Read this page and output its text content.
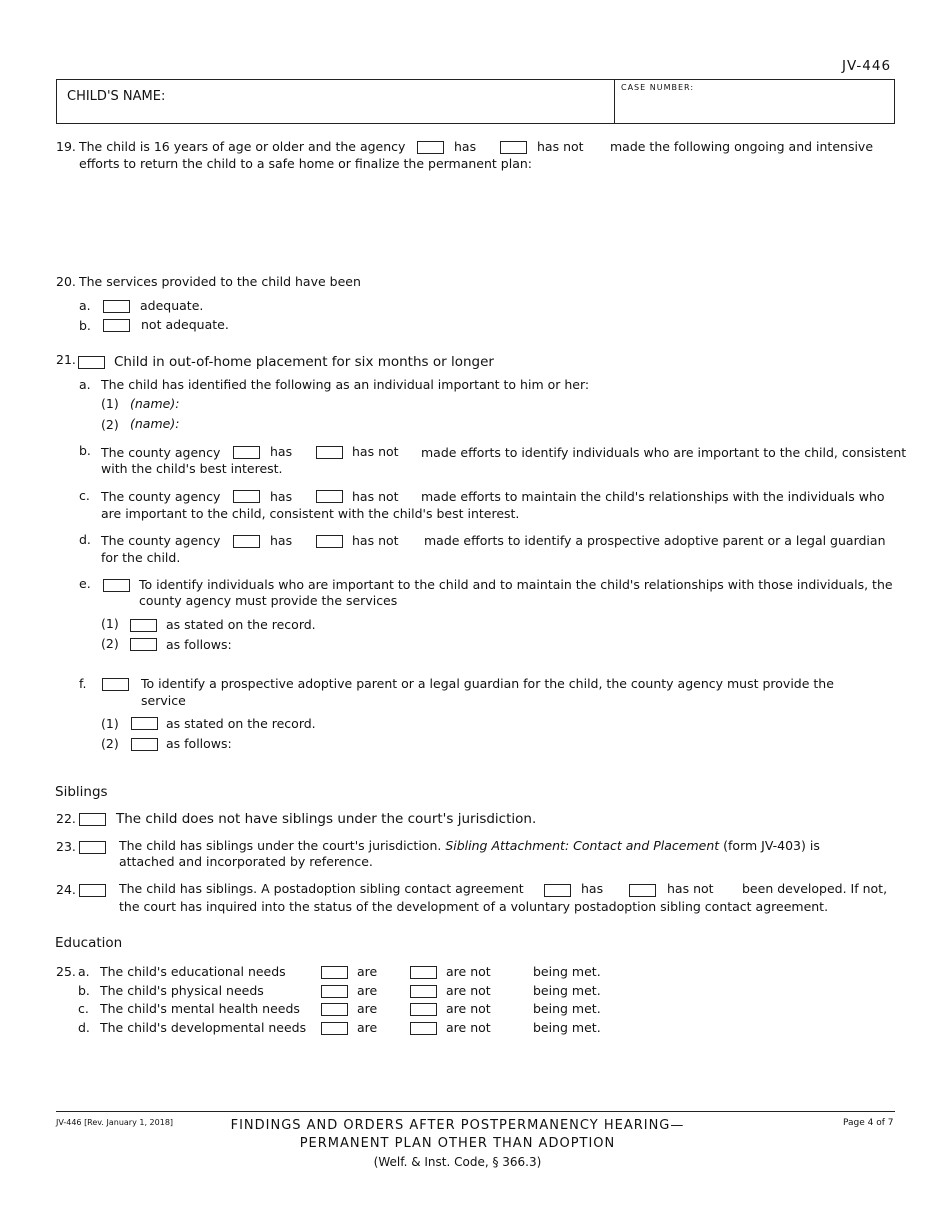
JV-446
CHILD'S NAME:
CASE NUMBER:
19. The child is 16 years of age or older and the agency	has	has not made the following ongoing and intensive
efforts to return the child to a safe home or finalize the permanent plan:
20. The services provided to the child have been
a.	adequate.
b.	not adequate.
21.	Child in out-of-home placement for six months or longer
a. The child has identified the following as an individual important to him or her:
(1) (name):
(2) (name):
b. The county agency	has	has not made efforts to identify individuals who are important to the child, consistent
with the child's best interest.
c. The county agency	has	has not made efforts to maintain the child's relationships with the individuals who
are important to the child, consistent with the child's best interest.
d. The county agency	has	has not made efforts to identify a prospective adoptive parent or a legal guardian
for the child.
e.	To identify individuals who are important to the child and to maintain the child's relationships with those individuals, the
county agency must provide the services
(1)	as stated on the record.
(2)	as follows:
f.	To identify a prospective adoptive parent or a legal guardian for the child, the county agency must provide the
service
(1)	as stated on the record.
(2)	as follows:
Siblings
22.	The child does not have siblings under the court's jurisdiction.
23.	The child has siblings under the court's jurisdiction. Sibling Attachment: Contact and Placement (form JV-403) is
attached and incorporated by reference.
24.	The child has siblings. A postadoption sibling contact agreement	has	has not been developed. If not,
the court has inquired into the status of the development of a voluntary postadoption sibling contact agreement.
Education
25. a. The child's educational needs	are	are not	being met.
b. The child's physical needs	are	are not	being met.
c. The child's mental health needs	are	are not	being met.
d. The child's developmental needs	are	are not	being met.
JV-446 [Rev. January 1, 2018]	FINDINGS AND ORDERS AFTER POSTPERMANENCY HEARING—
PERMANENT PLAN OTHER THAN ADOPTION
(Welf. & Inst. Code, § 366.3)
Page 4 of 7
